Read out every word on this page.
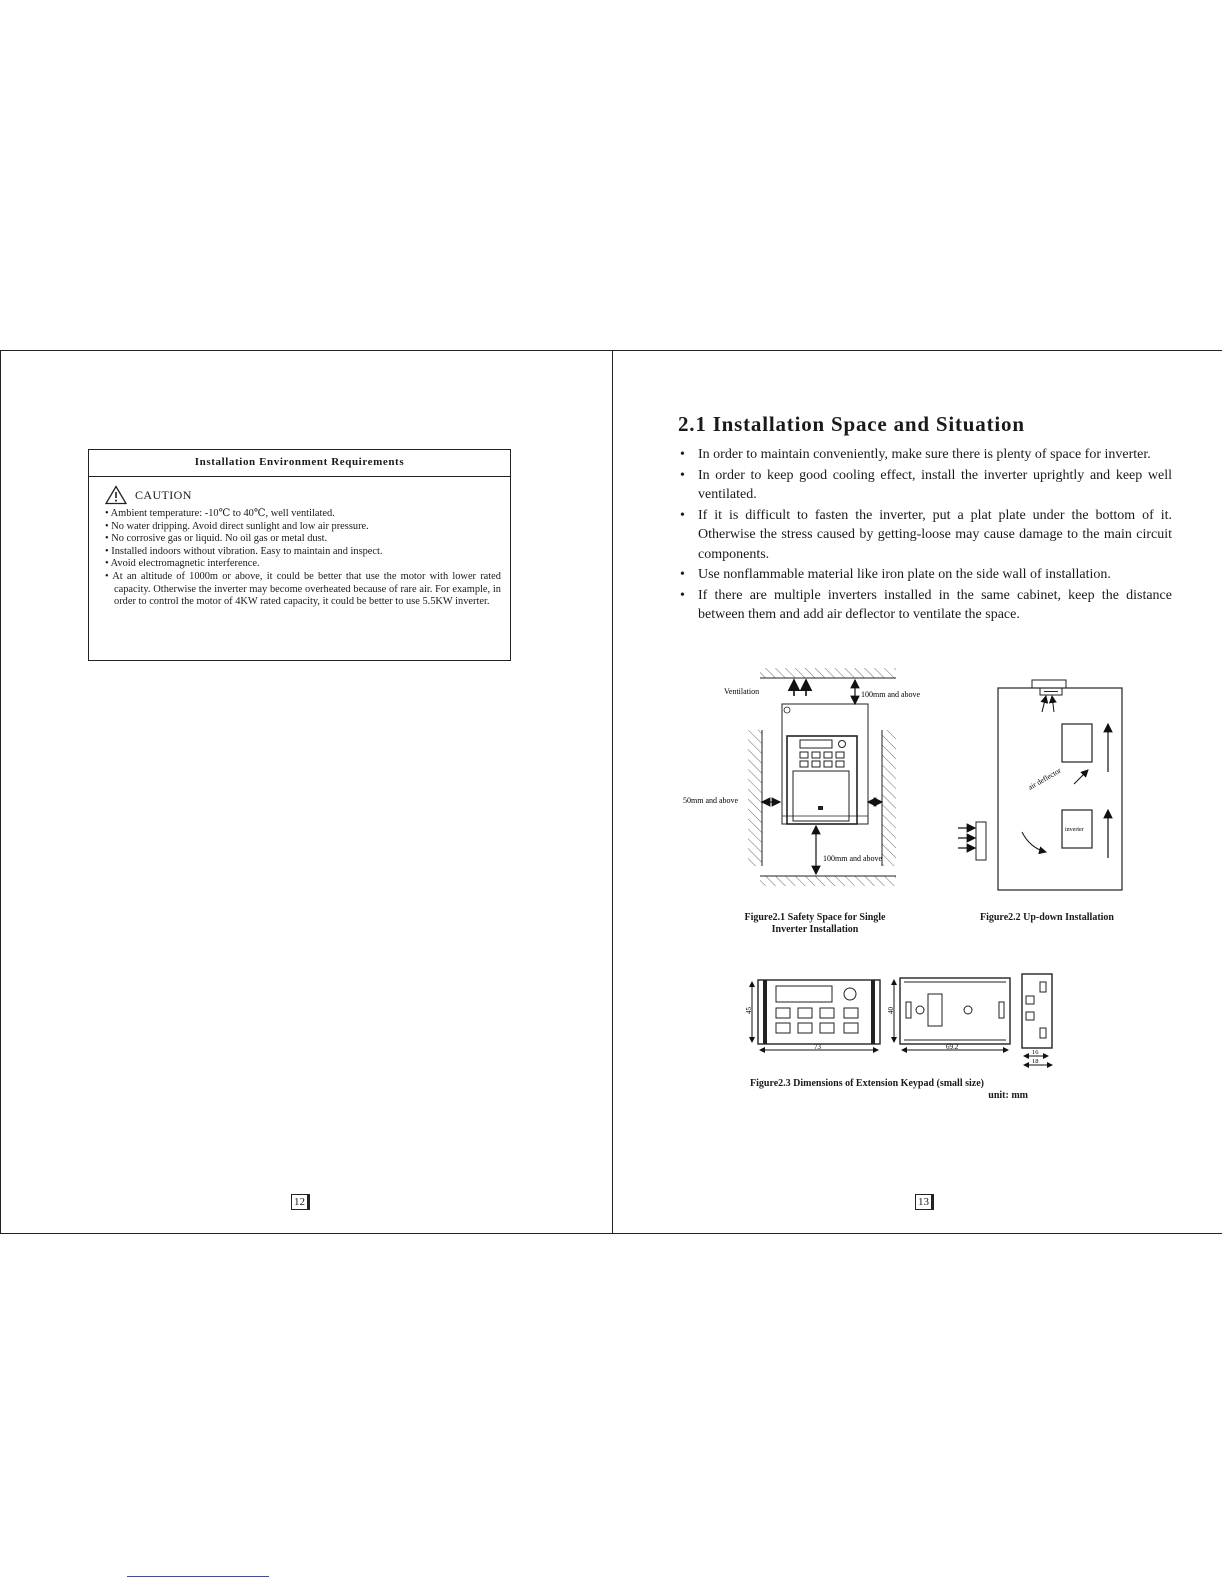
Installation Environment Requirements
CAUTION
• Ambient temperature: -10℃ to 40℃, well ventilated.
• No water dripping. Avoid direct sunlight and low air pressure.
• No corrosive gas or liquid. No oil gas or metal dust.
• Installed indoors without vibration. Easy to maintain and inspect.
• Avoid electromagnetic interference.
• At an altitude of 1000m or above, it could be better that use the motor with lower rated capacity. Otherwise the inverter may become overheated because of rare air. For example, in order to control the motor of 4KW rated capacity, it could be better to use 5.5KW inverter.
12
2.1 Installation Space and Situation
• In order to maintain conveniently, make sure there is plenty of space for inverter.
• In order to keep good cooling effect, install the inverter uprightly and keep well ventilated.
• If it is difficult to fasten the inverter, put a plat plate under the bottom of it. Otherwise the stress caused by getting-loose may cause damage to the main circuit components.
• Use nonflammable material like iron plate on the side wall of installation.
• If there are multiple inverters installed in the same cabinet, keep the distance between them and add air deflector to ventilate the space.
Ventilation	100mm and above
50mm and above
100mm and above
Figure2.1 Safety Space for Single
Inverter Installation
inverter
air deflector
Figure2.2 Up-down Installation
45
73
40
69.2
16
18
Figure2.3 Dimensions of Extension Keypad (small size)
unit: mm
13
